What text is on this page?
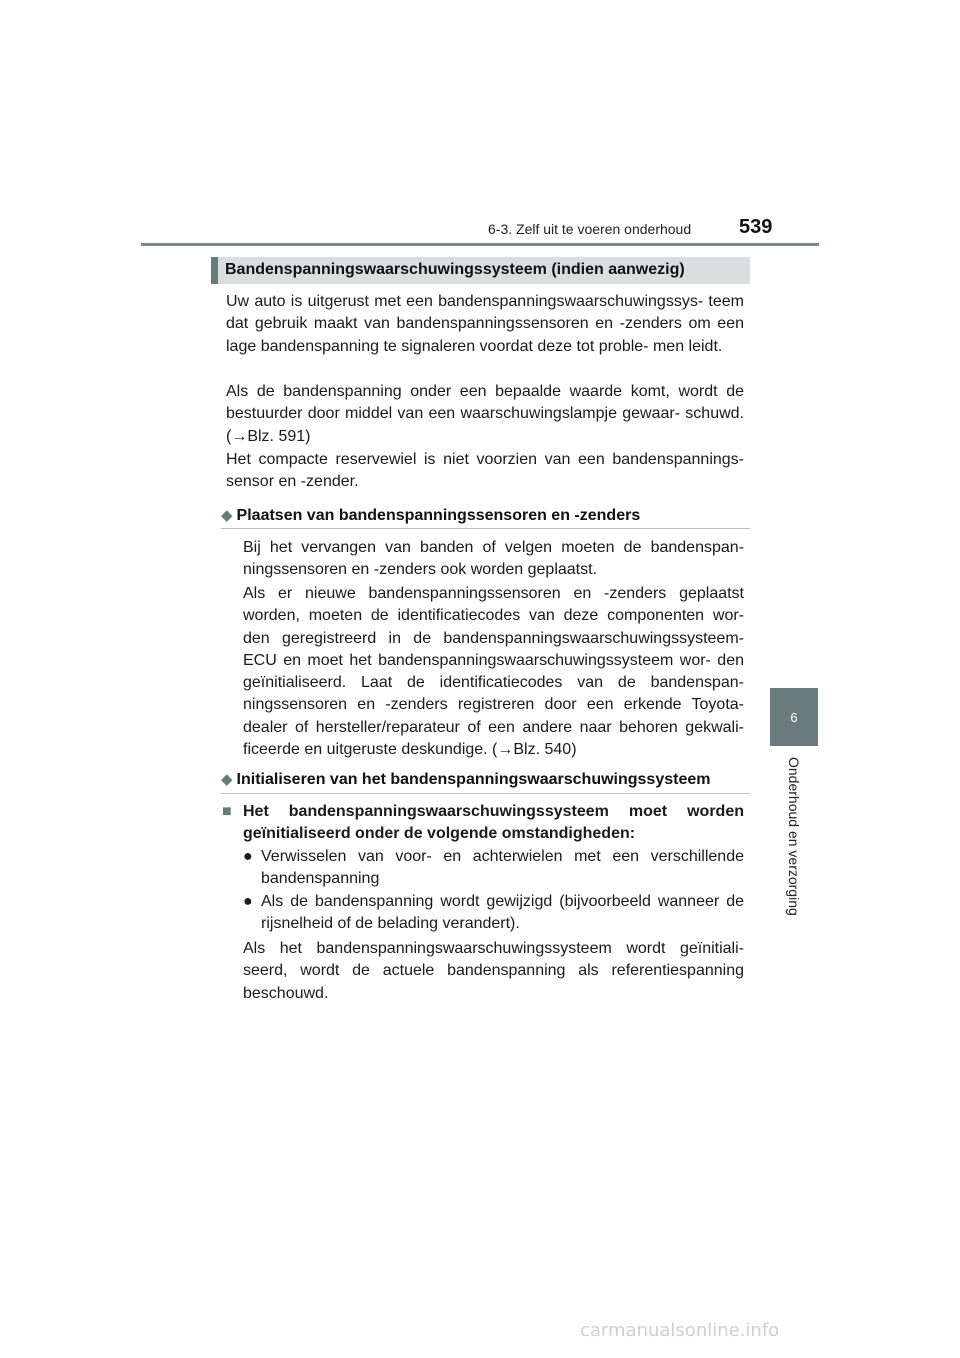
6-3. Zelf uit te voeren onderhoud 539
6
Onderhoud en verzorging
Bandenspanningswaarschuwingssysteem (indien aanwezig)
Uw auto is uitgerust met een bandenspanningswaarschuwingssys- teem dat gebruik maakt van bandenspanningssensoren en -zenders om een lage bandenspanning te signaleren voordat deze tot proble- men leidt.
Als de bandenspanning onder een bepaalde waarde komt, wordt de bestuurder door middel van een waarschuwingslampje gewaar- schuwd. (→Blz. 591)
Het compacte reservewiel is niet voorzien van een bandenspannings- sensor en -zender.
◆ Plaatsen van bandenspanningssensoren en -zenders
Bij het vervangen van banden of velgen moeten de bandenspan- ningssensoren en -zenders ook worden geplaatst.
Als er nieuwe bandenspanningssensoren en -zenders geplaatst worden, moeten de identificatiecodes van deze componenten wor- den geregistreerd in de bandenspanningswaarschuwingssysteem- ECU en moet het bandenspanningswaarschuwingssysteem wor- den geïnitialiseerd. Laat de identificatiecodes van de bandenspan- ningssensoren en -zenders registreren door een erkende Toyota- dealer of hersteller/reparateur of een andere naar behoren gekwali- ficeerde en uitgeruste deskundige. (→Blz. 540)
◆ Initialiseren van het bandenspanningswaarschuwingssysteem
■ Het bandenspanningswaarschuwingssysteem moet worden geïnitialiseerd onder de volgende omstandigheden:
● Verwisselen van voor- en achterwielen met een verschillende bandenspanning
● Als de bandenspanning wordt gewijzigd (bijvoorbeeld wanneer de rijsnelheid of de belading verandert).
Als het bandenspanningswaarschuwingssysteem wordt geïnitiali- seerd, wordt de actuele bandenspanning als referentiespanning beschouwd.
carmanualsonline.info
